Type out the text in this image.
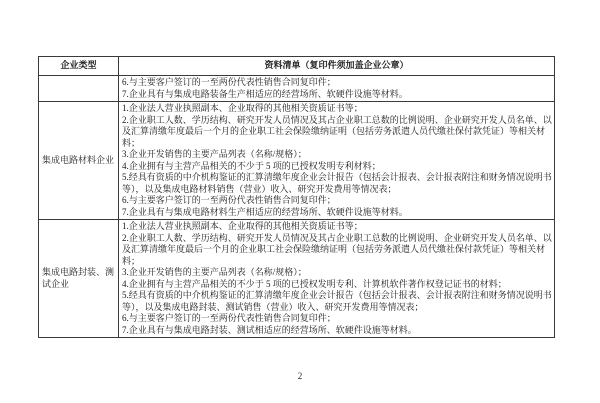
企业类型	资料清单（复印件须加盖企业公章）

	6.与主要客户签订的一至两份代表性销售合同复印件；
7.企业具有与集成电路装备生产相适应的经营场所、软硬件设施等材料。

集成电路材料企业	
1.企业法人营业执照副本、企业取得的其他相关资质证书等；
2.企业职工人数、学历结构、研究开发人员情况及其占企业职工总数的比例说明、企业研究开发人员名单、以及汇算清缴年度最后一个月的企业职工社会保险缴纳证明（包括劳务派遣人员代缴社保付款凭证）等相关材料；
3.企业开发销售的主要产品列表（名称/规格）；
4.企业拥有与主营产品相关的不少于 5 项的已授权发明专利材料；
5.经具有资质的中介机构鉴证的汇算清缴年度企业会计报告（包括会计报表、会计报表附注和财务情况说明书等），以及集成电路材料销售（营业）收入、研究开发费用等情况表；
6.与主要客户签订的一至两份代表性销售合同复印件；
7.企业具有与集成电路材料生产相适应的经营场所、软硬件设施等材料。

集成电路封装、测试企业	
1.企业法人营业执照副本、企业取得的其他相关资质证书等；
2.企业职工人数、学历结构、研究开发人员情况及其占企业职工总数的比例说明、企业研究开发人员名单、以及汇算清缴年度最后一个月的企业职工社会保险缴纳证明（包括劳务派遣人员代缴社保付款凭证）等相关材料；
3.企业开发销售的主要产品列表（名称/规格）；
4.企业拥有与主营产品相关的不少于 5 项的已授权发明专利、计算机软件著作权登记证书的材料；
5.经具有资质的中介机构鉴证的汇算清缴年度企业会计报告（包括会计报表、会计报表附注和财务情况说明书等），以及集成电路封装、测试销售（营业）收入、研究开发费用等情况表；
6.与主要客户签订的一至两份代表性销售合同复印件；
7.企业具有与集成电路封装、测试相适应的经营场所、软硬件设施等材料。
2
